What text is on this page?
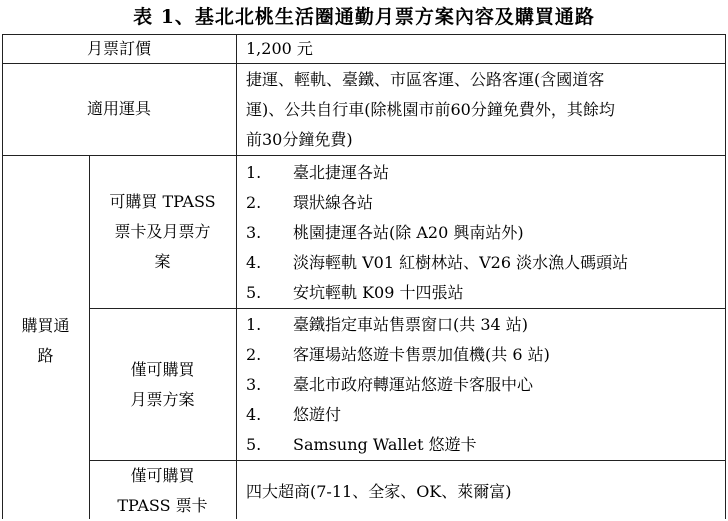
表 1、基北北桃生活圈通勤月票方案內容及購買通路
月票訂價	1,200 元
適用運具
捷運、輕軌、臺鐵、市區客運、公路客運(含國道客
運)、公共自行車(除桃園市前60分鐘免費外，其餘均
前30分鐘免費)
購買通
路
可購買 TPASS
票卡及月票方
案
1. 臺北捷運各站
2. 環狀線各站
3. 桃園捷運各站(除 A20 興南站外)
4. 淡海輕軌 V01 紅樹林站、V26 淡水漁人碼頭站
5. 安坑輕軌 K09 十四張站
僅可購買
月票方案
1. 臺鐵指定車站售票窗口(共 34 站)
2. 客運場站悠遊卡售票加值機(共 6 站)
3. 臺北市政府轉運站悠遊卡客服中心
4. 悠遊付
5. Samsung Wallet 悠遊卡
僅可購買
TPASS 票卡
四大超商(7-11、全家、OK、萊爾富)
